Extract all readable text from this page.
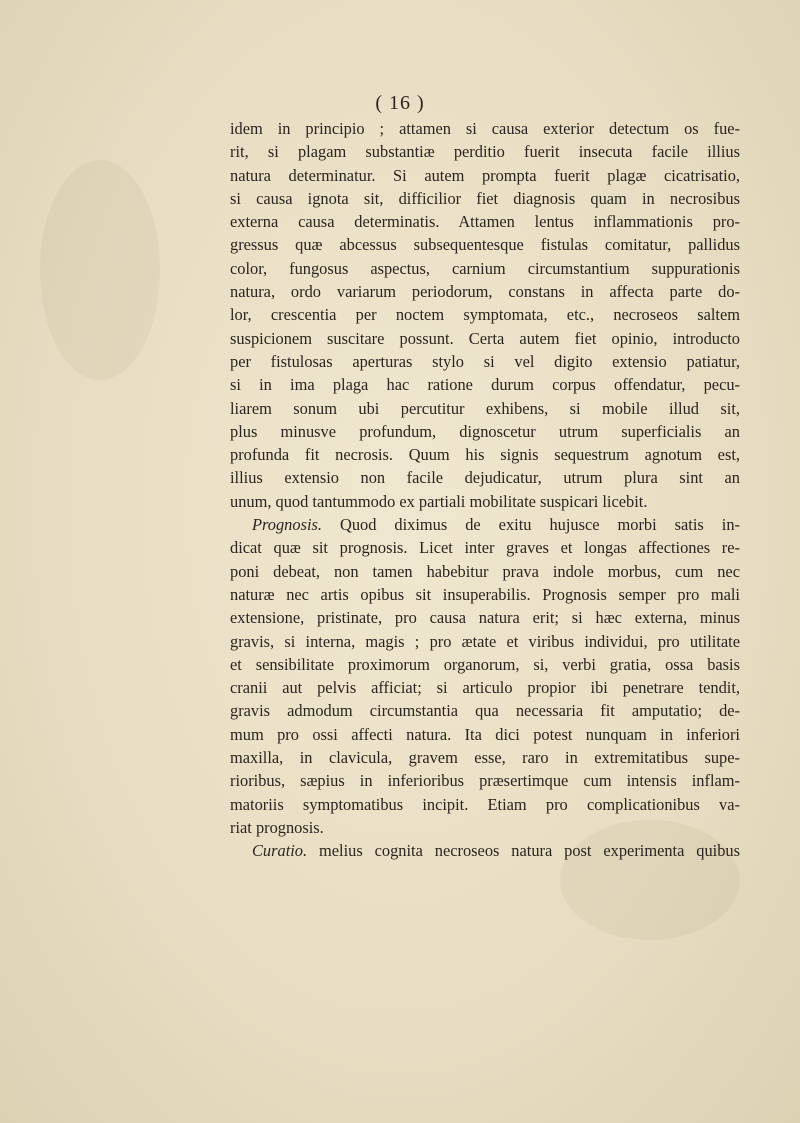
( 16 )
idem in principio ; attamen si causa exterior detectum os fue-
rit, si plagam substantiæ perditio fuerit insecuta facile illius
natura determinatur. Si autem prompta fuerit plagæ cicatrisatio,
si causa ignota sit, difficilior fiet diagnosis quam in necrosibus
externa causa determinatis. Attamen lentus inflammationis pro-
gressus quæ abcessus subsequentesque fistulas comitatur, pallidus
color, fungosus aspectus, carnium circumstantium suppurationis
natura, ordo variarum periodorum, constans in affecta parte do-
lor, crescentia per noctem symptomata, etc., necroseos saltem
suspicionem suscitare possunt. Certa autem fiet opinio, introducto
per fistulosas aperturas stylo si vel digito extensio patiatur,
si in ima plaga hac ratione durum corpus offendatur, pecu-
liarem sonum ubi percutitur exhibens, si mobile illud sit,
plus minusve profundum, dignoscetur utrum superficialis an
profunda fit necrosis. Quum his signis sequestrum agnotum est,
illius extensio non facile dejudicatur, utrum plura sint an
unum, quod tantummodo ex partiali mobilitate suspicari licebit.
Prognosis. Quod diximus de exitu hujusce morbi satis in-
dicat quæ sit prognosis. Licet inter graves et longas affectiones re-
poni debeat, non tamen habebitur prava indole morbus, cum nec
naturæ nec artis opibus sit insuperabilis. Prognosis semper pro mali
extensione, pristinate, pro causa natura erit; si hæc externa, minus
gravis, si interna, magis ; pro ætate et viribus individui, pro utilitate
et sensibilitate proximorum organorum, si, verbi gratia, ossa basis
cranii aut pelvis afficiat; si articulo propior ibi penetrare tendit,
gravis admodum circumstantia qua necessaria fit amputatio; de-
mum pro ossi affecti natura. Ita dici potest nunquam in inferiori
maxilla, in clavicula, gravem esse, raro in extremitatibus supe-
rioribus, sæpius in inferioribus præsertimque cum intensis inflam-
matoriis symptomatibus incipit. Etiam pro complicationibus va-
riat prognosis.
Curatio. melius cognita necroseos natura post experimenta quibus
